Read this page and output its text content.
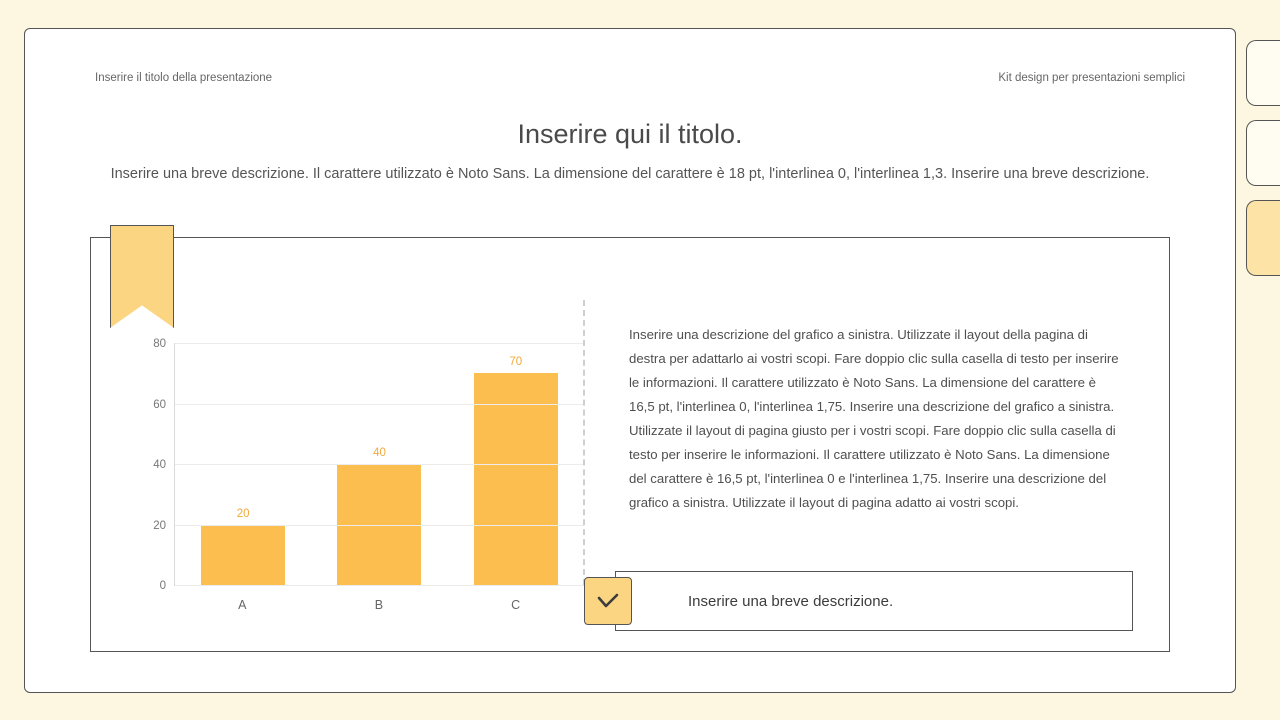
Inserire il titolo della presentazione	Kit design per presentazioni semplici
Inserire qui il titolo.
Inserire una breve descrizione. Il carattere utilizzato è Noto Sans. La dimensione del carattere è 18 pt, l'interlinea 0, l'interlinea 1,3. Inserire una breve descrizione.
20
40
70
0
20
40
60
80
A	B	C
Inserire una descrizione del grafico a sinistra. Utilizzate il layout della pagina di destra per adattarlo ai vostri scopi. Fare doppio clic sulla casella di testo per inserire le informazioni. Il carattere utilizzato è Noto Sans. La dimensione del carattere è 16,5 pt, l'interlinea 0, l'interlinea 1,75. Inserire una descrizione del grafico a sinistra. Utilizzate il layout di pagina giusto per i vostri scopi. Fare doppio clic sulla casella di testo per inserire le informazioni. Il carattere utilizzato è Noto Sans. La dimensione del carattere è 16,5 pt, l'interlinea 0 e l'interlinea 1,75. Inserire una descrizione del grafico a sinistra. Utilizzate il layout di pagina adatto ai vostri scopi.
Inserire una breve descrizione.
